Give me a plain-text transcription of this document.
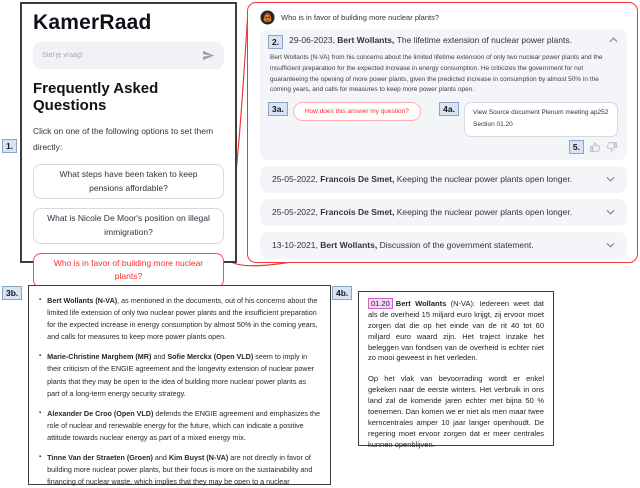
1.
3b.	4b.
KamerRaad
Stel je vraag!
Frequently Asked Questions
Click on one of the following options to set them directly:
What steps have been taken to keep pensions affordable?
What is Nicole De Moor's position on illegal immigration?
Who is in favor of building more nuclear plants?
Who is in favor of building more nuclear plants?
2.	29-06-2023, Bert Wollants, The lifetime extension of nuclear power plants.
Bert Wollants (N-VA) from his concerns about the limited lifetime extension of only two nuclear power plants and the insufficient preparation for the expected increase in energy consumption. He criticizes the government for not guaranteeing the opening of more power plants, given the predicted increase in consumption by almost 50% in the coming years, and calls for measures to keep more power plants open.
3a.	How does this answer my question?	4a.	View Source document Plenum meeting ap252
Section 01.20
5.
25-05-2022, Francois De Smet, Keeping the nuclear power plants open longer.
25-05-2022, Francois De Smet, Keeping the nuclear power plants open longer.
13-10-2021, Bert Wollants, Discussion of the government statement.
▪ Bert Wollants (N-VA), as mentioned in the documents, out of his concerns about the limited life extension of only two nuclear power plants and the insufficient preparation for the expected increase in energy consumption by almost 50% in the coming years, and calls for measures to keep more power plants open.
▪ Marie-Christine Marghem (MR) and Sofie Merckx (Open VLD) seem to imply in their criticism of the ENGIE agreement and the longevity extension of nuclear power plants that they may be open to the idea of building more nuclear power plants as part of a long-term energy security strategy.
▪ Alexander De Croo (Open VLD) defends the ENGIE agreement and emphasizes the role of nuclear and renewable energy for the future, which can indicate a positive attitude towards nuclear energy as part of a mixed energy mix.
▪ Tinne Van der Straeten (Groen) and Kim Buyst (N-VA) are not directly in favor of building more nuclear power plants, but their focus is more on the sustainability and financing of nuclear waste, which implies that they may be open to a nuclear

01.20 Bert Wollants (N-VA): Iedereen weet dat als de overheid 15 miljard euro krijgt, zij ervoor moet zorgen dat die op het einde van de rit 40 tot 60 miljard euro waard zijn. Het traject inzake het beleggen van fondsen van de overheid is echter niet zo mooi geweest in het verleden.

Op het vlak van bevoorrading wordt er enkel gekeken naar de eerste winters. Het verbruik in ons land zal de komende jaren echter met bijna 50 % toenemen. Dan komen we er niet als men maar twee kerncentrales amper 10 jaar langer openhoudt. De regering moet ervoor zorgen dat er meer centrales kunnen openblijven.
